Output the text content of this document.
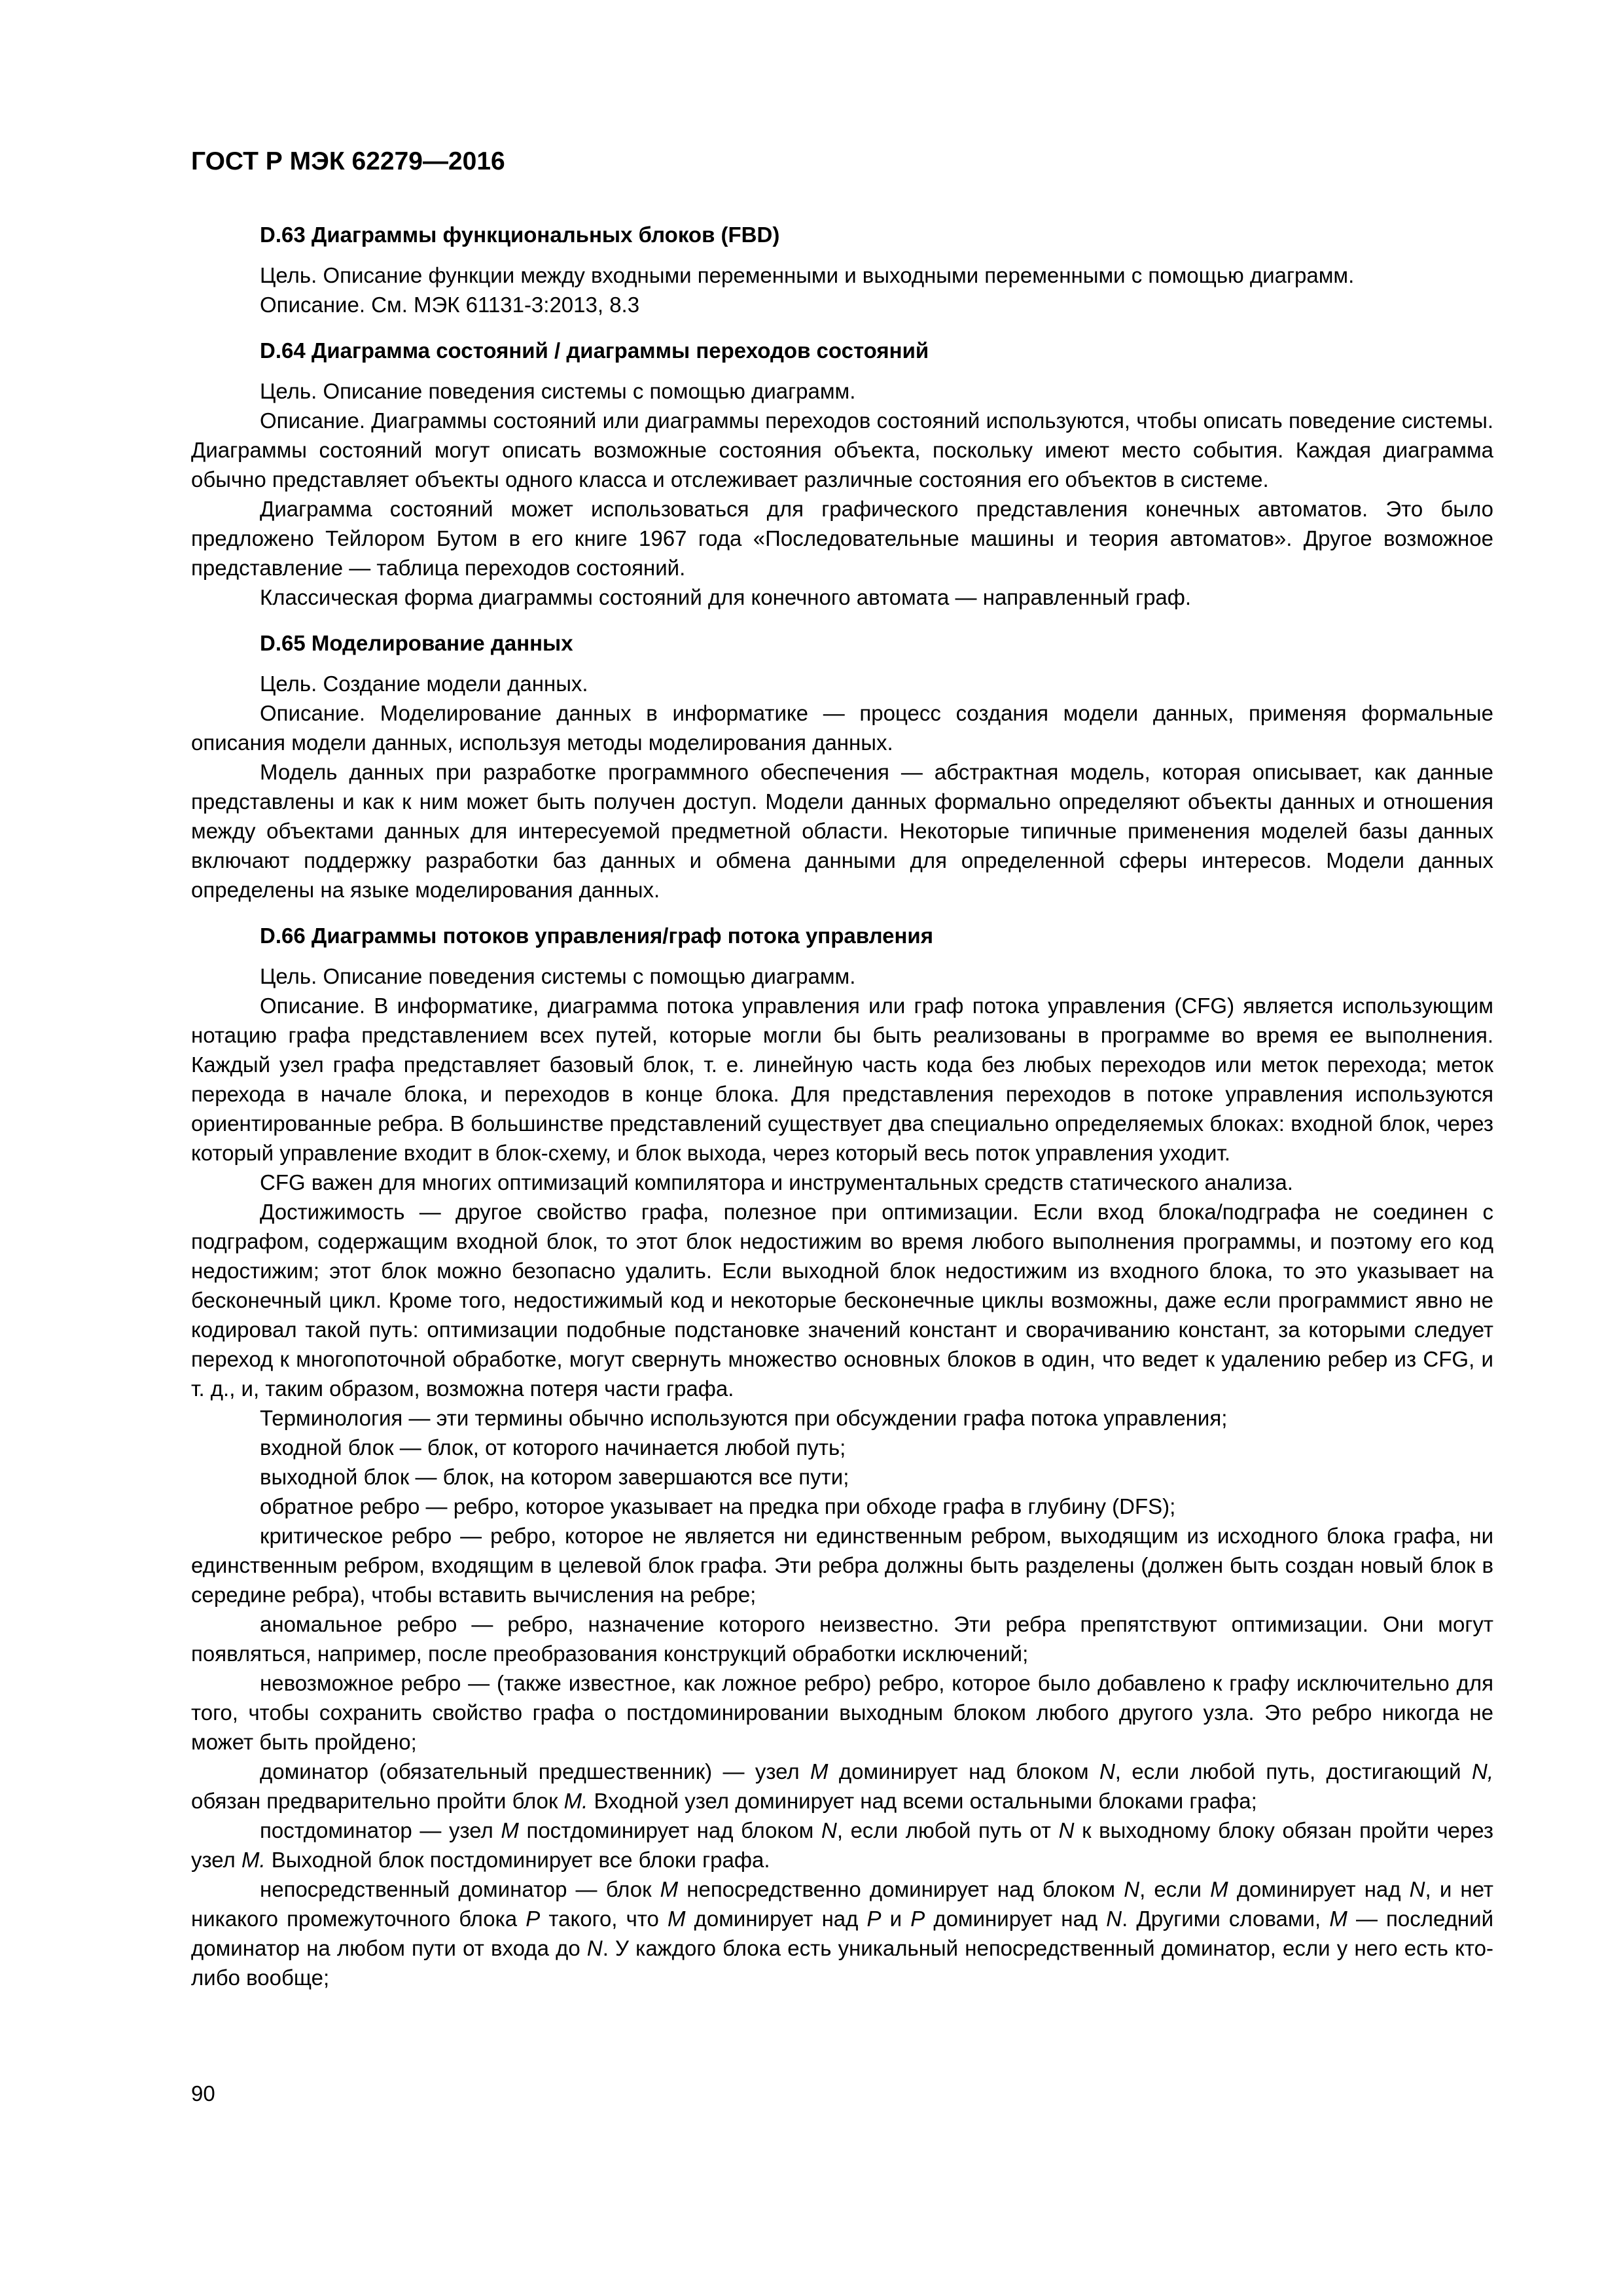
ГОСТ Р МЭК 62279—2016
D.63 Диаграммы функциональных блоков (FBD)

Цель. Описание функции между входными переменными и выходными переменными с помощью диаграмм.

Описание. См. МЭК 61131-3:2013, 8.3

D.64 Диаграмма состояний / диаграммы переходов состояний

Цель. Описание поведения системы с помощью диаграмм.

Описание. Диаграммы состояний или диаграммы переходов состояний используются, чтобы описать поведение системы. Диаграммы состояний могут описать возможные состояния объекта, поскольку имеют место события. Каждая диаграмма обычно представляет объекты одного класса и отслеживает различные состояния его объектов в системе.

Диаграмма состояний может использоваться для графического представления конечных автоматов. Это было предложено Тейлором Бутом в его книге 1967 года «Последовательные машины и теория автоматов». Другое возможное представление — таблица переходов состояний.

Классическая форма диаграммы состояний для конечного автомата — направленный граф.

D.65 Моделирование данных

Цель. Создание модели данных.

Описание. Моделирование данных в информатике — процесс создания модели данных, применяя формальные описания модели данных, используя методы моделирования данных.

Модель данных при разработке программного обеспечения — абстрактная модель, которая описывает, как данные представлены и как к ним может быть получен доступ. Модели данных формально определяют объекты данных и отношения между объектами данных для интересуемой предметной области. Некоторые типичные применения моделей базы данных включают поддержку разработки баз данных и обмена данными для определенной сферы интересов. Модели данных определены на языке моделирования данных.

D.66 Диаграммы потоков управления/граф потока управления

Цель. Описание поведения системы с помощью диаграмм.

Описание. В информатике, диаграмма потока управления или граф потока управления (CFG) является использующим нотацию графа представлением всех путей, которые могли бы быть реализованы в программе во время ее выполнения. Каждый узел графа представляет базовый блок, т. е. линейную часть кода без любых переходов или меток перехода; меток перехода в начале блока, и переходов в конце блока. Для представления переходов в потоке управления используются ориентированные ребра. В большинстве представлений существует два специально определяемых блоках: входной блок, через который управление входит в блок-схему, и блок выхода, через который весь поток управления уходит.

CFG важен для многих оптимизаций компилятора и инструментальных средств статического анализа.

Достижимость — другое свойство графа, полезное при оптимизации. Если вход блока/подграфа не соединен с подграфом, содержащим входной блок, то этот блок недостижим во время любого выполнения программы, и поэтому его код недостижим; этот блок можно безопасно удалить. Если выходной блок недостижим из входного блока, то это указывает на бесконечный цикл. Кроме того, недостижимый код и некоторые бесконечные циклы возможны, даже если программист явно не кодировал такой путь: оптимизации подобные подстановке значений констант и сворачиванию констант, за которыми следует переход к многопоточной обработке, могут свернуть множество основных блоков в один, что ведет к удалению ребер из CFG, и т. д., и, таким образом, возможна потеря части графа.

Терминология — эти термины обычно используются при обсуждении графа потока управления;

входной блок — блок, от которого начинается любой путь;

выходной блок — блок, на котором завершаются все пути;

обратное ребро — ребро, которое указывает на предка при обходе графа в глубину (DFS);

критическое ребро — ребро, которое не является ни единственным ребром, выходящим из исходного блока графа, ни единственным ребром, входящим в целевой блок графа. Эти ребра должны быть разделены (должен быть создан новый блок в середине ребра), чтобы вставить вычисления на ребре;

аномальное ребро — ребро, назначение которого неизвестно. Эти ребра препятствуют оптимизации. Они могут появляться, например, после преобразования конструкций обработки исключений;

невозможное ребро — (также известное, как ложное ребро) ребро, которое было добавлено к графу исключительно для того, чтобы сохранить свойство графа о постдоминировании выходным блоком любого другого узла. Это ребро никогда не может быть пройдено;

доминатор (обязательный предшественник) — узел M доминирует над блоком N, если любой путь, достигающий N, обязан предварительно пройти блок M. Входной узел доминирует над всеми остальными блоками графа;

постдоминатор — узел M постдоминирует над блоком N, если любой путь от N к выходному блоку обязан пройти через узел M. Выходной блок постдоминирует все блоки графа.

непосредственный доминатор — блок M непосредственно доминирует над блоком N, если M доминирует над N, и нет никакого промежуточного блока P такого, что M доминирует над P и P доминирует над N. Другими словами, M — последний доминатор на любом пути от входа до N. У каждого блока есть уникальный непосредственный доминатор, если у него есть кто-либо вообще;

90
